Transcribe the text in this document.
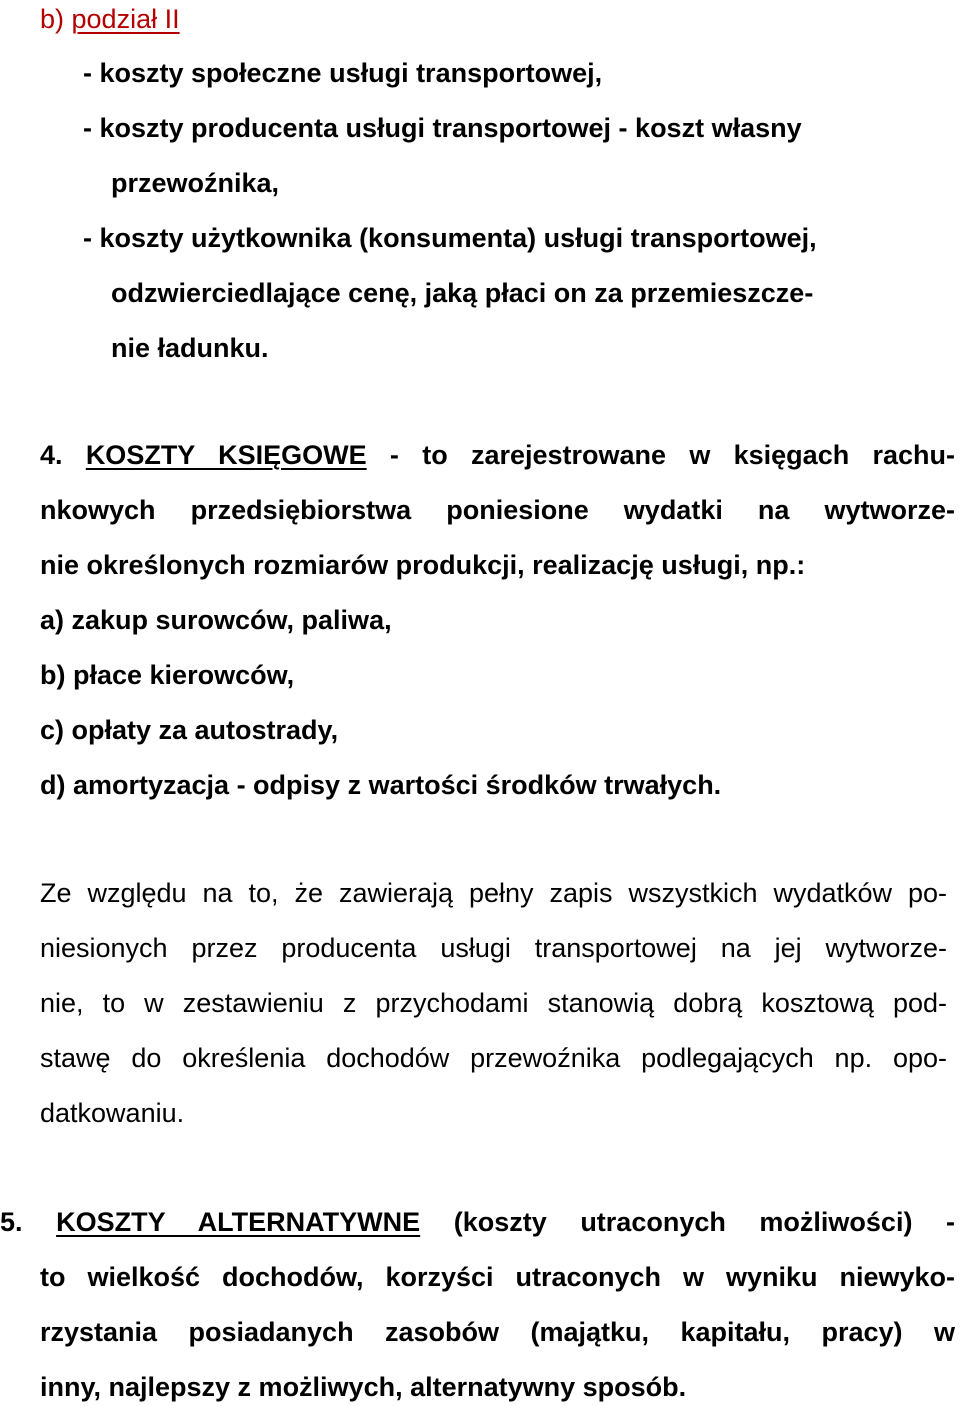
b) podział II
- koszty społeczne usługi transportowej,
- koszty producenta usługi transportowej - koszt własny
przewoźnika,
- koszty użytkownika (konsumenta) usługi transportowej,
odzwierciedlające cenę, jaką płaci on za przemieszcze-
nie ładunku.
4. KOSZTY KSIĘGOWE - to zarejestrowane w księgach rachu-
nkowych przedsiębiorstwa poniesione wydatki na wytworze-
nie określonych rozmiarów produkcji, realizację usługi, np.:
a) zakup surowców, paliwa,
b) płace kierowców,
c) opłaty za autostrady,
d) amortyzacja - odpisy z wartości środków trwałych.
Ze względu na to, że zawierają pełny zapis wszystkich wydatków po-
niesionych przez producenta usługi transportowej na jej wytworze-
nie, to w zestawieniu z przychodami stanowią dobrą kosztową pod-
stawę do określenia dochodów przewoźnika podlegających np. opo-
datkowaniu.
5. KOSZTY ALTERNATYWNE (koszty utraconych możliwości) -
to wielkość dochodów, korzyści utraconych w wyniku niewyko-
rzystania posiadanych zasobów (majątku, kapitału, pracy) w
inny, najlepszy z możliwych, alternatywny sposób.
